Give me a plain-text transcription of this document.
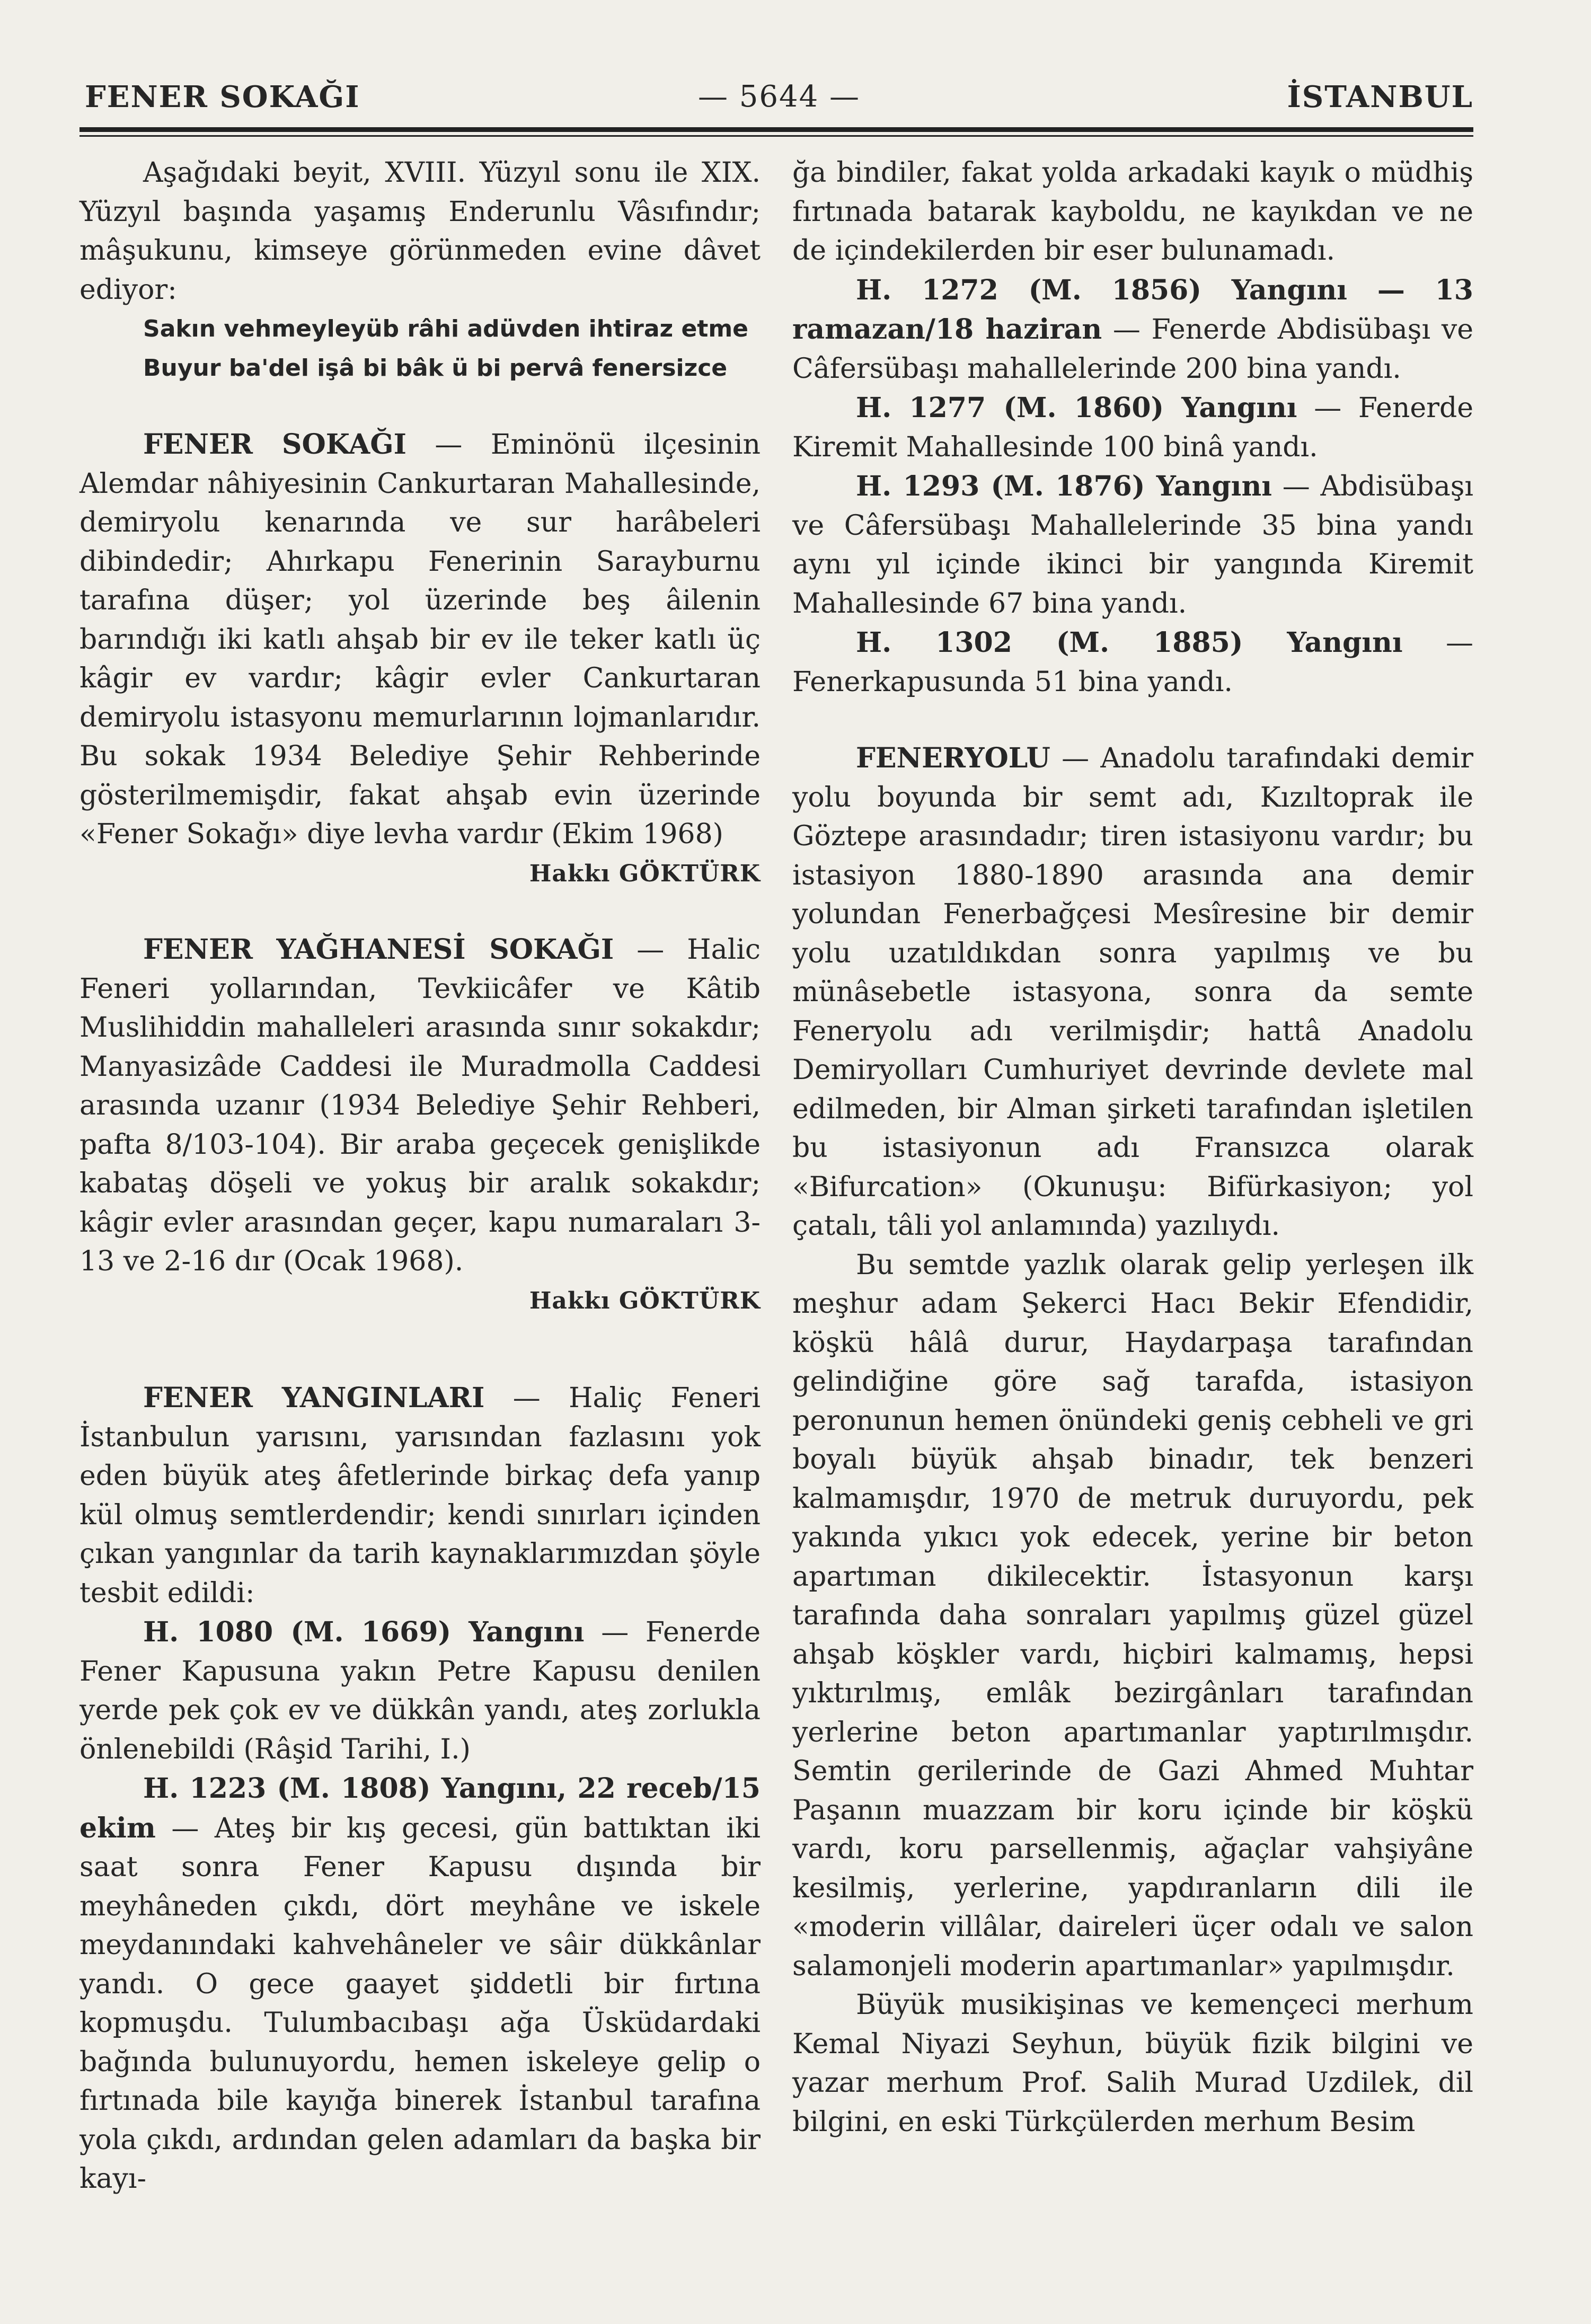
FENER SOKAĞI	— 5644 —	İSTANBUL

Aşağıdaki beyit, XVIII. Yüzyıl sonu ile XIX. Yüzyıl başında yaşamış Enderunlu Vâsıfındır; mâşukunu, kimseye görünmeden evine dâvet ediyor:

Sakın vehmeyleyüb râhi adüvden ihtiraz etme

Buyur ba'del işâ bi bâk ü bi pervâ fenersizce

FENER SOKAĞI — Eminönü ilçesinin Alemdar nâhiyesinin Cankurtaran Mahallesinde, demiryolu kenarında ve sur harâbeleri dibindedir; Ahırkapu Fenerinin Sarayburnu tarafına düşer; yol üzerinde beş âilenin barındığı iki katlı ahşab bir ev ile teker katlı üç kâgir ev vardır; kâgir evler Cankurtaran demiryolu istasyonu memurlarının lojmanlarıdır. Bu sokak 1934 Belediye Şehir Rehberinde gösterilmemişdir, fakat ahşab evin üzerinde «Fener Sokağı» diye levha vardır (Ekim 1968)

Hakkı GÖKTÜRK

FENER YAĞHANESİ SOKAĞI — Halic Feneri yollarından, Tevkiicâfer ve Kâtib Muslihiddin mahalleleri arasında sınır sokakdır; Manyasizâde Caddesi ile Muradmolla Caddesi arasında uzanır (1934 Belediye Şehir Rehberi, pafta 8/103-104). Bir araba geçecek genişlikde kabataş döşeli ve yokuş bir aralık sokakdır; kâgir evler arasından geçer, kapu numaraları 3-13 ve 2-16 dır (Ocak 1968).

Hakkı GÖKTÜRK

FENER YANGINLARI — Haliç Feneri İstanbulun yarısını, yarısından fazlasını yok eden büyük ateş âfetlerinde birkaç defa yanıp kül olmuş semtlerdendir; kendi sınırları içinden çıkan yangınlar da tarih kaynaklarımızdan şöyle tesbit edildi:

H. 1080 (M. 1669) Yangını — Fenerde Fener Kapusuna yakın Petre Kapusu denilen yerde pek çok ev ve dükkân yandı, ateş zorlukla önlenebildi (Râşid Tarihi, I.)

H. 1223 (M. 1808) Yangını, 22 receb/15 ekim — Ateş bir kış gecesi, gün battıktan iki saat sonra Fener Kapusu dışında bir meyhâneden çıkdı, dört meyhâne ve iskele meydanındaki kahvehâneler ve sâir dükkânlar yandı. O gece gaayet şiddetli bir fırtına kopmuşdu. Tulumbacıbaşı ağa Üsküdardaki bağında bulunuyordu, hemen iskeleye gelip o fırtınada bile kayığa binerek İstanbul tarafına yola çıkdı, ardından gelen adamları da başka bir kayı-

ğa bindiler, fakat yolda arkadaki kayık o müdhiş fırtınada batarak kayboldu, ne kayıkdan ve ne de içindekilerden bir eser bulunamadı.

H. 1272 (M. 1856) Yangını — 13 ramazan/18 haziran — Fenerde Abdisübaşı ve Câfersübaşı mahallelerinde 200 bina yandı.

H. 1277 (M. 1860) Yangını — Fenerde Kiremit Mahallesinde 100 binâ yandı.

H. 1293 (M. 1876) Yangını — Abdisübaşı ve Câfersübaşı Mahallelerinde 35 bina yandı aynı yıl içinde ikinci bir yangında Kiremit Mahallesinde 67 bina yandı.

H. 1302 (M. 1885) Yangını — Fenerkapusunda 51 bina yandı.

FENERYOLU — Anadolu tarafındaki demir yolu boyunda bir semt adı, Kızıltoprak ile Göztepe arasındadır; tiren istasiyonu vardır; bu istasiyon 1880-1890 arasında ana demir yolundan Fenerbağçesi Mesîresine bir demir yolu uzatıldıkdan sonra yapılmış ve bu münâsebetle istasyona, sonra da semte Feneryolu adı verilmişdir; hattâ Anadolu Demiryolları Cumhuriyet devrinde devlete mal edilmeden, bir Alman şirketi tarafından işletilen bu istasiyonun adı Fransızca olarak «Bifurcation» (Okunuşu: Bifürkasiyon; yol çatalı, tâli yol anlamında) yazılıydı.

Bu semtde yazlık olarak gelip yerleşen ilk meşhur adam Şekerci Hacı Bekir Efendidir, köşkü hâlâ durur, Haydarpaşa tarafından gelindiğine göre sağ tarafda, istasiyon peronunun hemen önündeki geniş cebheli ve gri boyalı büyük ahşab binadır, tek benzeri kalmamışdır, 1970 de metruk duruyordu, pek yakında yıkıcı yok edecek, yerine bir beton apartıman dikilecektir. İstasyonun karşı tarafında daha sonraları yapılmış güzel güzel ahşab köşkler vardı, hiçbiri kalmamış, hepsi yıktırılmış, emlâk bezirgânları tarafından yerlerine beton apartımanlar yaptırılmışdır. Semtin gerilerinde de Gazi Ahmed Muhtar Paşanın muazzam bir koru içinde bir köşkü vardı, koru parsellenmiş, ağaçlar vahşiyâne kesilmiş, yerlerine, yapdıranların dili ile «moderin villâlar, daireleri üçer odalı ve salon salamonjeli moderin apartımanlar» yapılmışdır.

Büyük musikişinas ve kemençeci merhum Kemal Niyazi Seyhun, büyük fizik bilgini ve yazar merhum Prof. Salih Murad Uzdilek, dil bilgini, en eski Türkçülerden merhum Besim
